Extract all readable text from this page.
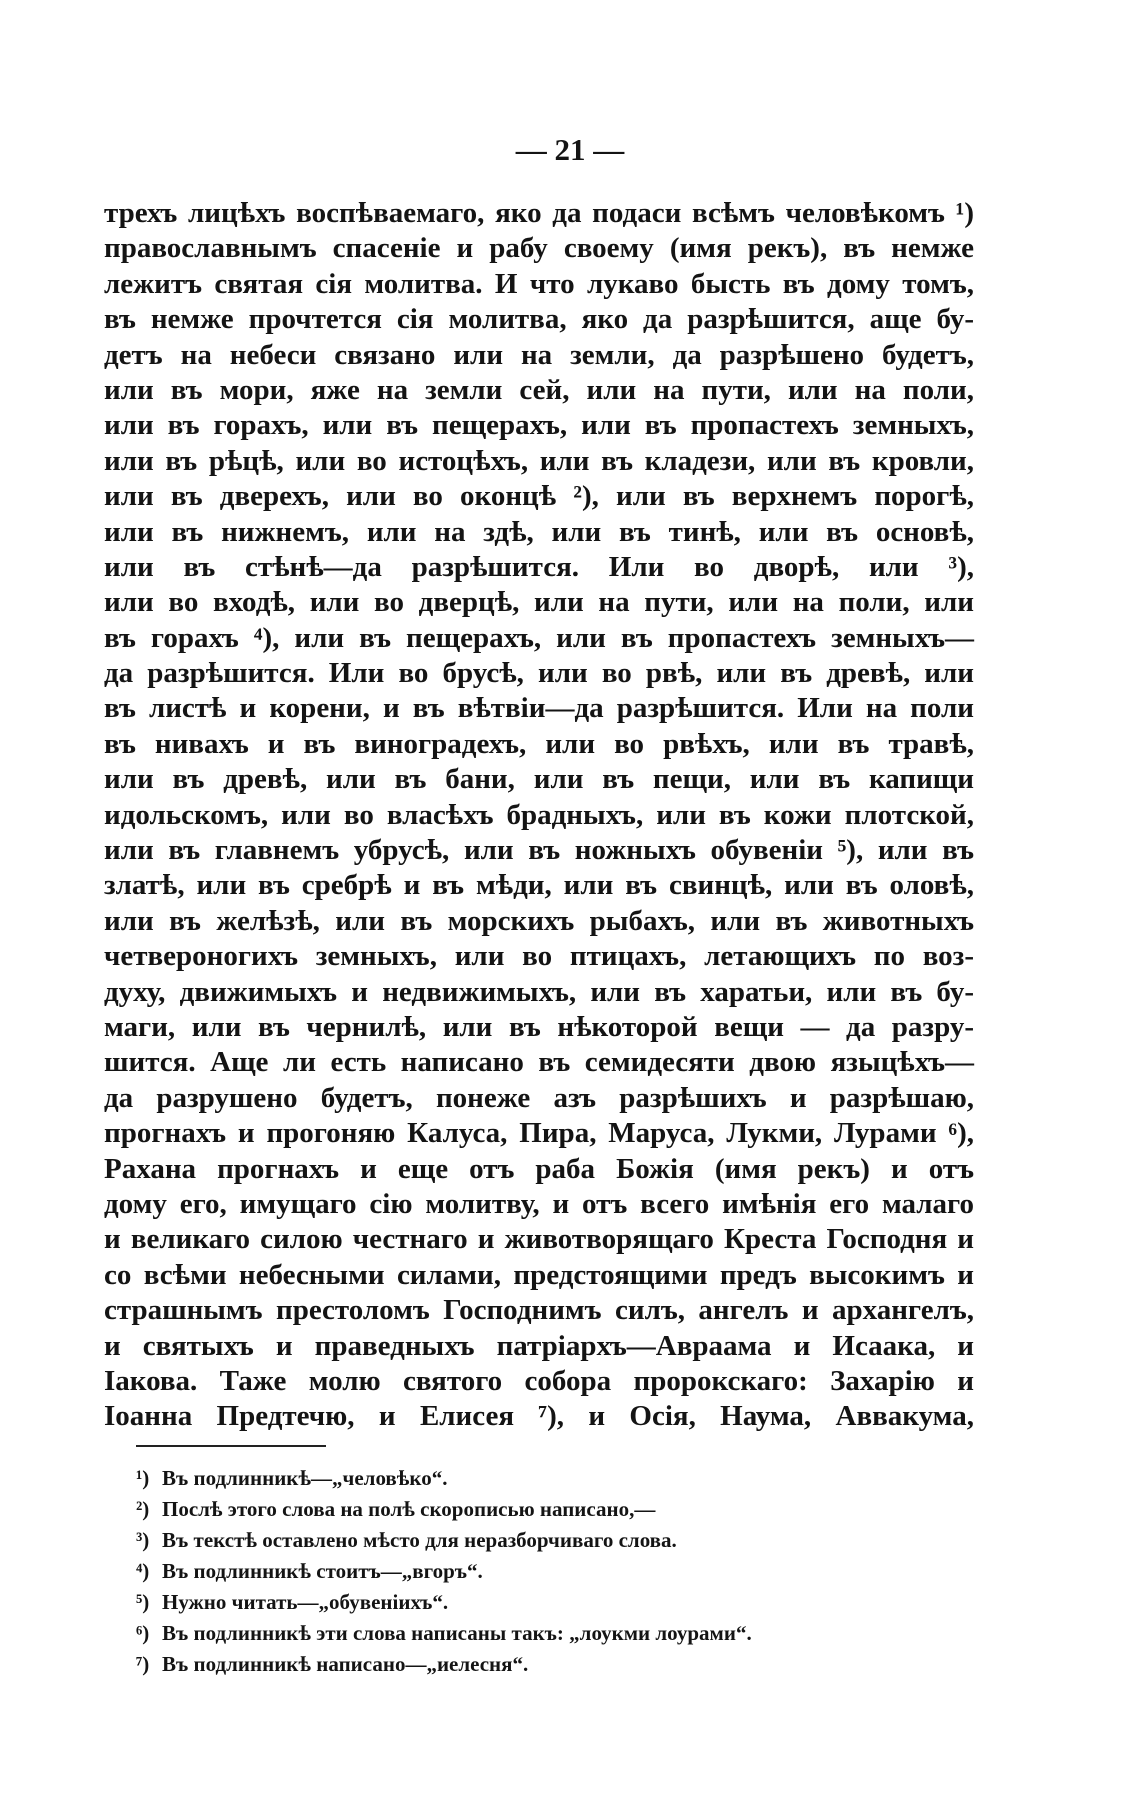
— 21 —
трехъ лицѣхъ воспѣваемаго, яко да подаси всѣмъ человѣкомъ ¹)
православнымъ спасеніе и рабу своему (имя рекъ), въ немже
лежитъ святая сія молитва. И что лукаво бысть въ дому томъ,
въ немже прочтется сія молитва, яко да разрѣшится, аще бу-
детъ на небеси связано или на земли, да разрѣшено будетъ,
или въ мори, яже на земли сей, или на пути, или на поли,
или въ горахъ, или въ пещерахъ, или въ пропастехъ земныхъ,
или въ рѣцѣ, или во истоцѣхъ, или въ кладези, или въ кровли,
или въ дверехъ, или во оконцѣ ²), или въ верхнемъ порогѣ,
или въ нижнемъ, или на здѣ, или въ тинѣ, или въ основѣ,
или въ стѣнѣ—да разрѣшится. Или во дворѣ, или ³),
или во входѣ, или во дверцѣ, или на пути, или на поли, или
въ горахъ ⁴), или въ пещерахъ, или въ пропастехъ земныхъ—
да разрѣшится. Или во брусѣ, или во рвѣ, или въ древѣ, или
въ листѣ и корени, и въ вѣтвіи—да разрѣшится. Или на поли
въ нивахъ и въ виноградехъ, или во рвѣхъ, или въ травѣ,
или въ древѣ, или въ бани, или въ пещи, или въ капищи
идольскомъ, или во власѣхъ брадныхъ, или въ кожи плотской,
или въ главнемъ убрусѣ, или въ ножныхъ обувеніи ⁵), или въ
златѣ, или въ сребрѣ и въ мѣди, или въ свинцѣ, или въ оловѣ,
или въ желѣзѣ, или въ морскихъ рыбахъ, или въ животныхъ
четвероногихъ земныхъ, или во птицахъ, летающихъ по воз-
духу, движимыхъ и недвижимыхъ, или въ харатьи, или въ бу-
маги, или въ чернилѣ, или въ нѣкоторой вещи — да разру-
шится. Аще ли есть написано въ семидесяти двою языцѣхъ—
да разрушено будетъ, понеже азъ разрѣшихъ и разрѣшаю,
прогнахъ и прогоняю Калуса, Пира, Маруса, Лукми, Лурами ⁶),
Рахана прогнахъ и еще отъ раба Божія (имя рекъ) и отъ
дому его, имущаго сію молитву, и отъ всего имѣнія его малаго
и великаго силою честнаго и животворящаго Креста Господня и
со всѣми небесными силами, предстоящими предъ высокимъ и
страшнымъ престоломъ Господнимъ силъ, ангелъ и архангелъ,
и святыхъ и праведныхъ патріархъ—Авраама и Исаака, и
Іакова. Таже молю святого собора пророкскаго: Захарію и
Іоанна Предтечю, и Елисея ⁷), и Осія, Наума, Аввакума,
¹) Въ подлинникѣ—„человѣко“.
²) Послѣ этого слова на полѣ скорописью написано,—
³) Въ текстѣ оставлено мѣсто для неразборчиваго слова.
⁴) Въ подлинникѣ стоитъ—„вгоръ“.
⁵) Нужно читать—„обувеніихъ“.
⁶) Въ подлинникѣ эти слова написаны такъ: „лоукми лоурами“.
⁷) Въ подлинникѣ написано—„иелесня“.
